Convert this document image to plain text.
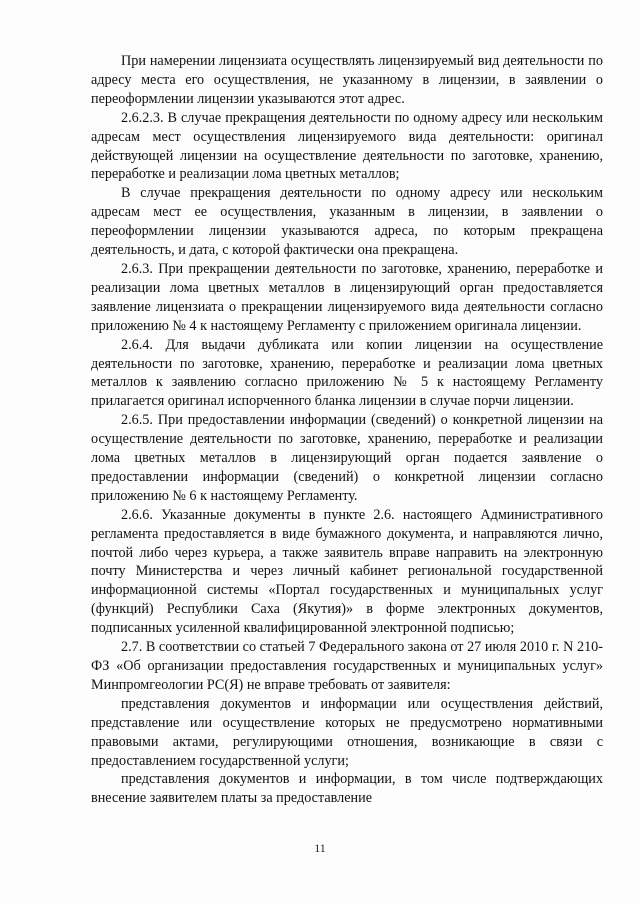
При намерении лицензиата осуществлять лицензируемый вид деятельности по адресу места его осуществления, не указанному в лицензии, в заявлении о переоформлении лицензии указываются этот адрес.

2.6.2.3. В случае прекращения деятельности по одному адресу или нескольким адресам мест осуществления лицензируемого вида деятельности: оригинал действующей лицензии на осуществление деятельности по заготовке, хранению, переработке и реализации лома цветных металлов;

В случае прекращения деятельности по одному адресу или нескольким адресам мест ее осуществления, указанным в лицензии, в заявлении о переоформлении лицензии указываются адреса, по которым прекращена деятельность, и дата, с которой фактически она прекращена.

2.6.3. При прекращении деятельности по заготовке, хранению, переработке и реализации лома цветных металлов в лицензирующий орган предоставляется заявление лицензиата о прекращении лицензируемого вида деятельности согласно приложению № 4 к настоящему Регламенту с приложением оригинала лицензии.

2.6.4. Для выдачи дубликата или копии лицензии на осуществление деятельности по заготовке, хранению, переработке и реализации лома цветных металлов к заявлению согласно приложению № 5 к настоящему Регламенту прилагается оригинал испорченного бланка лицензии в случае порчи лицензии.

2.6.5. При предоставлении информации (сведений) о конкретной лицензии на осуществление деятельности по заготовке, хранению, переработке и реализации лома цветных металлов в лицензирующий орган подается заявление о предоставлении информации (сведений) о конкретной лицензии согласно приложению № 6 к настоящему Регламенту.

2.6.6. Указанные документы в пункте 2.6. настоящего Административного регламента предоставляется в виде бумажного документа, и направляются лично, почтой либо через курьера, а также заявитель вправе направить на электронную почту Министерства и через личный кабинет региональной государственной информационной системы «Портал государственных и муниципальных услуг (функций) Республики Саха (Якутия)» в форме электронных документов, подписанных усиленной квалифицированной электронной подписью;

2.7. В соответствии со статьей 7 Федерального закона от 27 июля 2010 г. N 210-ФЗ «Об организации предоставления государственных и муниципальных услуг» Минпромгеологии РС(Я) не вправе требовать от заявителя:

представления документов и информации или осуществления действий, представление или осуществление которых не предусмотрено нормативными правовыми актами, регулирующими отношения, возникающие в связи с предоставлением государственной услуги;

представления документов и информации, в том числе подтверждающих внесение заявителем платы за предоставление

11
